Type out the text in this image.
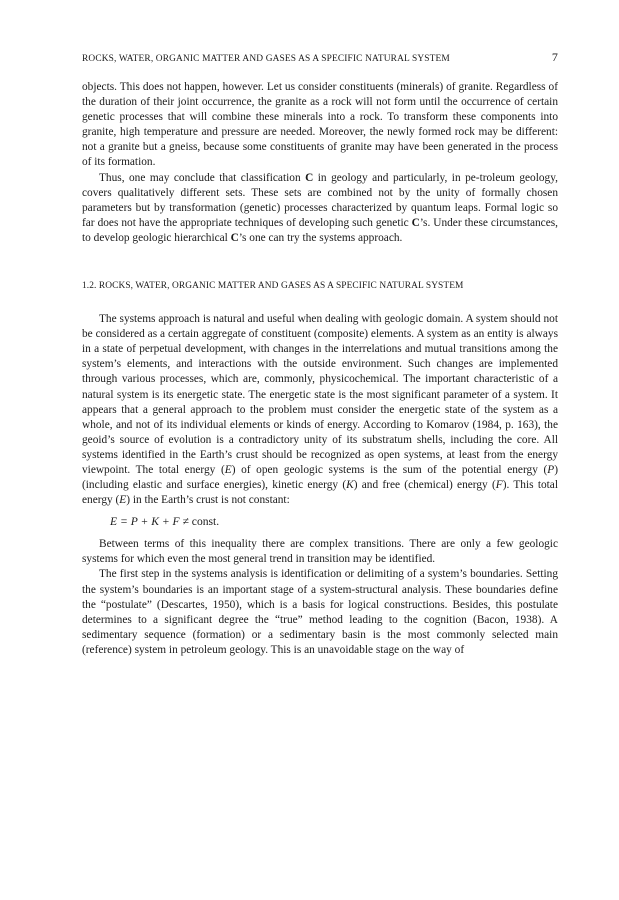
ROCKS, WATER, ORGANIC MATTER AND GASES AS A SPECIFIC NATURAL SYSTEM	7

objects. This does not happen, however. Let us consider constituents (minerals) of granite. Regardless of the duration of their joint occurrence, the granite as a rock will not form until the occurrence of certain genetic processes that will combine these minerals into a rock. To transform these components into granite, high temperature and pressure are needed. Moreover, the newly formed rock may be different: not a granite but a gneiss, because some constituents of granite may have been generated in the process of its formation.

Thus, one may conclude that classification C in geology and particularly, in pe-troleum geology, covers qualitatively different sets. These sets are combined not by the unity of formally chosen parameters but by transformation (genetic) processes characterized by quantum leaps. Formal logic so far does not have the appropriate techniques of developing such genetic C’s. Under these circumstances, to develop geologic hierarchical C’s one can try the systems approach.

1.2. ROCKS, WATER, ORGANIC MATTER AND GASES AS A SPECIFIC NATURAL SYSTEM

The systems approach is natural and useful when dealing with geologic domain. A system should not be considered as a certain aggregate of constituent (composite) elements. A system as an entity is always in a state of perpetual development, with changes in the interrelations and mutual transitions among the system’s elements, and interactions with the outside environment. Such changes are implemented through various processes, which are, commonly, physicochemical. The important characteristic of a natural system is its energetic state. The energetic state is the most significant parameter of a system. It appears that a general approach to the problem must consider the energetic state of the system as a whole, and not of its individual elements or kinds of energy. According to Komarov (1984, p. 163), the geoid’s source of evolution is a contradictory unity of its substratum shells, including the core. All systems identified in the Earth’s crust should be recognized as open systems, at least from the energy viewpoint. The total energy (E) of open geologic systems is the sum of the potential energy (P) (including elastic and surface energies), kinetic energy (K) and free (chemical) energy (F). This total energy (E) in the Earth’s crust is not constant:

E = P + K + F ≠ const.

Between terms of this inequality there are complex transitions. There are only a few geologic systems for which even the most general trend in transition may be identified.

The first step in the systems analysis is identification or delimiting of a system’s boundaries. Setting the system’s boundaries is an important stage of a system-structural analysis. These boundaries define the “postulate” (Descartes, 1950), which is a basis for logical constructions. Besides, this postulate determines to a significant degree the “true” method leading to the cognition (Bacon, 1938). A sedimentary sequence (formation) or a sedimentary basin is the most commonly selected main (reference) system in petroleum geology. This is an unavoidable stage on the way of
